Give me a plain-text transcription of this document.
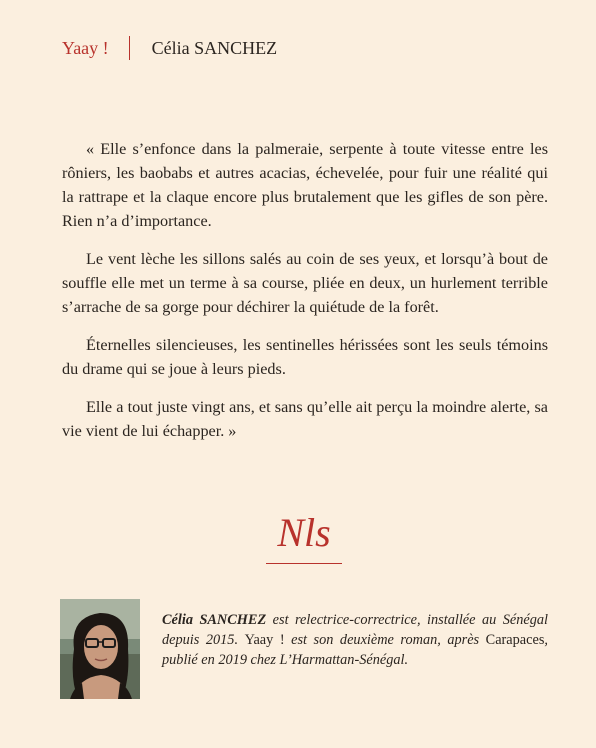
Yaay ! Célia SANCHEZ

« Elle s’enfonce dans la palmeraie, serpente à toute vitesse entre les rôniers, les baobabs et autres acacias, échevelée, pour fuir une réalité qui la rattrape et la claque encore plus brutalement que les gifles de son père. Rien n’a d’importance.

Le vent lèche les sillons salés au coin de ses yeux, et lorsqu’à bout de souffle elle met un terme à sa course, pliée en deux, un hurlement terrible s’arrache de sa gorge pour déchirer la quiétude de la forêt.

Éternelles silencieuses, les sentinelles hérissées sont les seuls témoins du drame qui se joue à leurs pieds.

Elle a tout juste vingt ans, et sans qu’elle ait perçu la moindre alerte, sa vie vient de lui échapper. »

Nls
Célia SANCHEZ est relectrice-correctrice, installée au Sénégal depuis 2015. Yaay ! est son deuxième roman, après Carapaces, publié en 2019 chez L’Harmattan-Sénégal.
